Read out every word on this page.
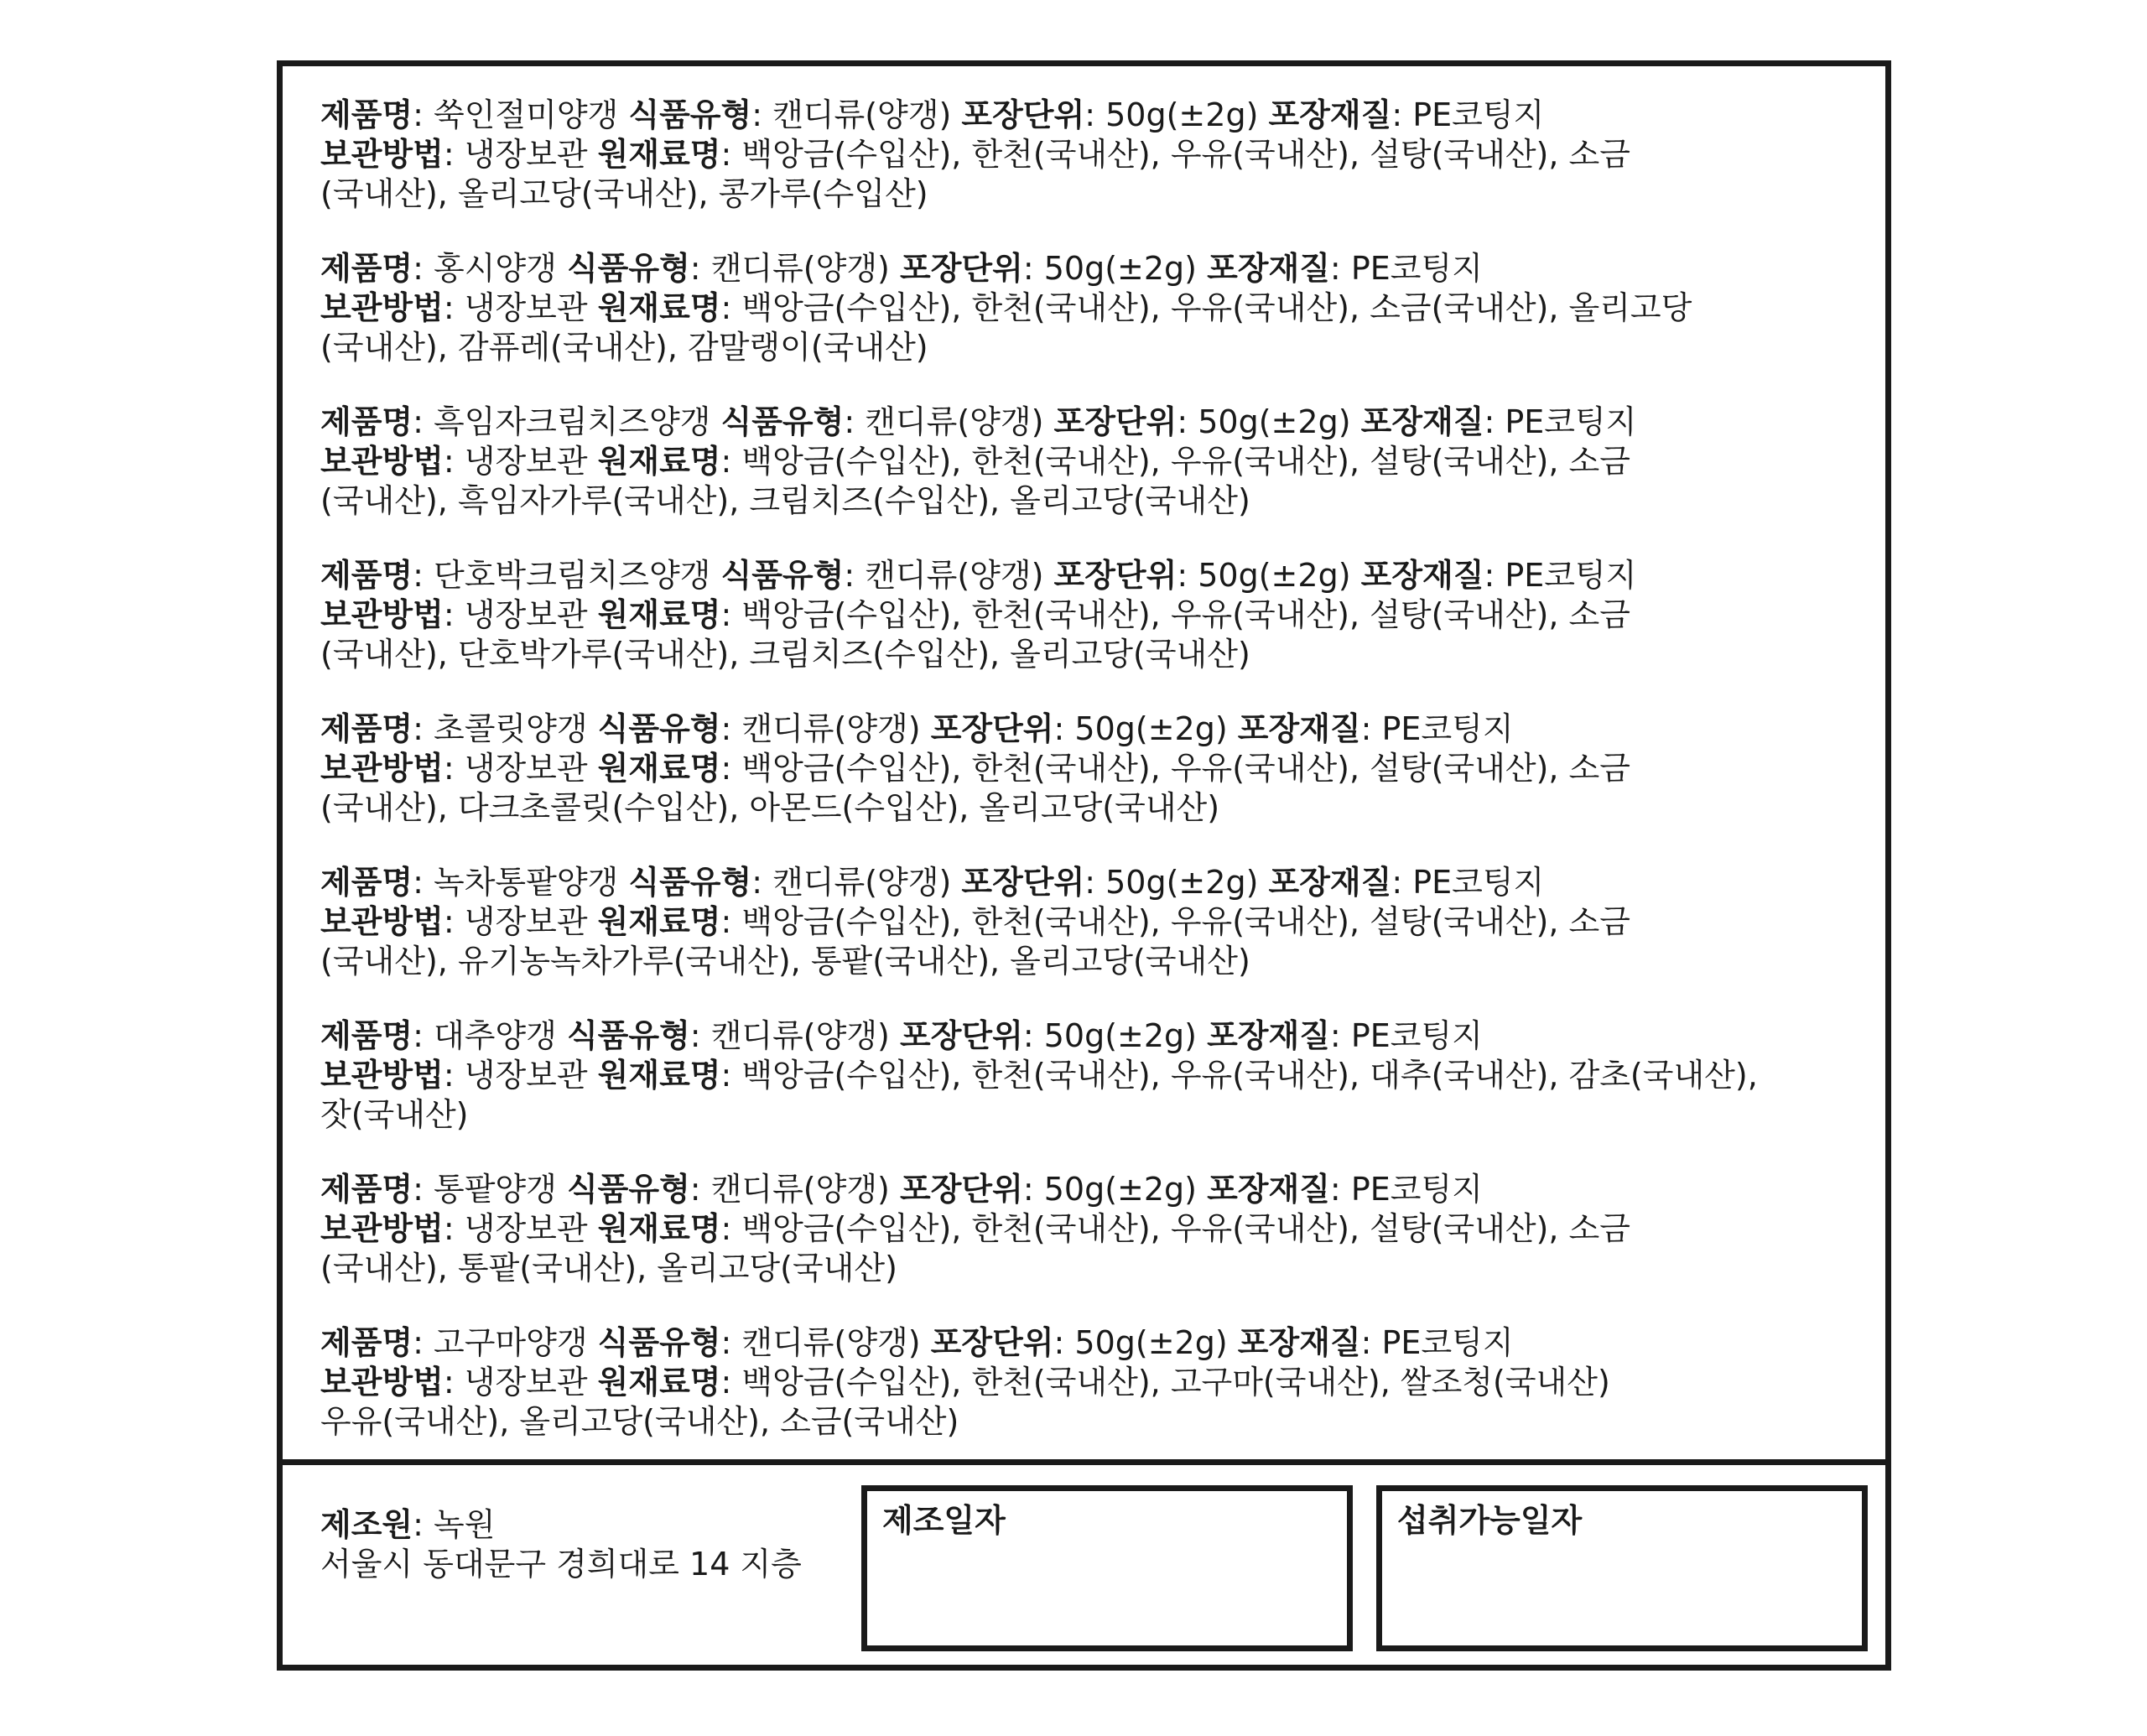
제품명: 쑥인절미양갱 식품유형: 캔디류(양갱) 포장단위: 50g(±2g) 포장재질: PE코팅지
보관방법: 냉장보관 원재료명: 백앙금(수입산), 한천(국내산), 우유(국내산), 설탕(국내산), 소금
(국내산), 올리고당(국내산), 콩가루(수입산)
제품명: 홍시양갱 식품유형: 캔디류(양갱) 포장단위: 50g(±2g) 포장재질: PE코팅지
보관방법: 냉장보관 원재료명: 백앙금(수입산), 한천(국내산), 우유(국내산), 소금(국내산), 올리고당
(국내산), 감퓨레(국내산), 감말랭이(국내산)
제품명: 흑임자크림치즈양갱 식품유형: 캔디류(양갱) 포장단위: 50g(±2g) 포장재질: PE코팅지
보관방법: 냉장보관 원재료명: 백앙금(수입산), 한천(국내산), 우유(국내산), 설탕(국내산), 소금
(국내산), 흑임자가루(국내산), 크림치즈(수입산), 올리고당(국내산)
제품명: 단호박크림치즈양갱 식품유형: 캔디류(양갱) 포장단위: 50g(±2g) 포장재질: PE코팅지
보관방법: 냉장보관 원재료명: 백앙금(수입산), 한천(국내산), 우유(국내산), 설탕(국내산), 소금
(국내산), 단호박가루(국내산), 크림치즈(수입산), 올리고당(국내산)
제품명: 초콜릿양갱 식품유형: 캔디류(양갱) 포장단위: 50g(±2g) 포장재질: PE코팅지
보관방법: 냉장보관 원재료명: 백앙금(수입산), 한천(국내산), 우유(국내산), 설탕(국내산), 소금
(국내산), 다크초콜릿(수입산), 아몬드(수입산), 올리고당(국내산)
제품명: 녹차통팥양갱 식품유형: 캔디류(양갱) 포장단위: 50g(±2g) 포장재질: PE코팅지
보관방법: 냉장보관 원재료명: 백앙금(수입산), 한천(국내산), 우유(국내산), 설탕(국내산), 소금
(국내산), 유기농녹차가루(국내산), 통팥(국내산), 올리고당(국내산)
제품명: 대추양갱 식품유형: 캔디류(양갱) 포장단위: 50g(±2g) 포장재질: PE코팅지
보관방법: 냉장보관 원재료명: 백앙금(수입산), 한천(국내산), 우유(국내산), 대추(국내산), 감초(국내산),
잣(국내산)
제품명: 통팥양갱 식품유형: 캔디류(양갱) 포장단위: 50g(±2g) 포장재질: PE코팅지
보관방법: 냉장보관 원재료명: 백앙금(수입산), 한천(국내산), 우유(국내산), 설탕(국내산), 소금
(국내산), 통팥(국내산), 올리고당(국내산)
제품명: 고구마양갱 식품유형: 캔디류(양갱) 포장단위: 50g(±2g) 포장재질: PE코팅지
보관방법: 냉장보관 원재료명: 백앙금(수입산), 한천(국내산), 고구마(국내산), 쌀조청(국내산)
우유(국내산), 올리고당(국내산), 소금(국내산)
제조원: 녹원
서울시 동대문구 경희대로 14 지층
제조일자	섭취가능일자
